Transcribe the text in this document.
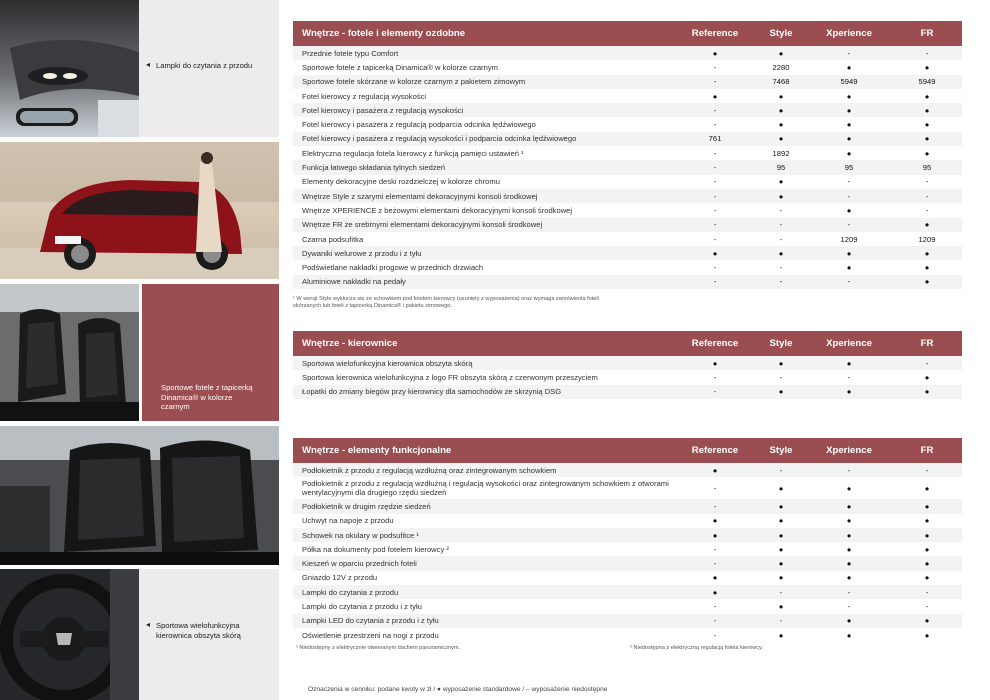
◂ Lampki do czytania z przodu
Sportowe fotele z tapicerką Dinamica® w kolorze czarnym
◂ Sportowa wielofunkcyjna kierownica obszyta skórą
Wnętrze - fotele i elementy ozdobne	Reference	Style	Xperience	FR
Przednie fotele typu Comfort	●	●	-	-
Sportowe fotele z tapicerką Dinamica® w kolorze czarnym	-	2280	●	●
Sportowe fotele skórzane w kolorze czarnym z pakietem zimowym	-	7468	5949	5949
Fotel kierowcy z regulacją wysokości	●	●	●	●
Fotel kierowcy i pasażera z regulacją wysokości	-	●	●	●
Fotel kierowcy i pasażera z regulacją podparcia odcinka lędźwiowego	-	●	●	●
Fotel kierowcy i pasażera z regulacją wysokości i podparcia odcinka lędźwiowego	761	●	●	●
Elektryczna regulacja fotela kierowcy z funkcją pamięci ustawień ¹	-	1892	●	●
Funkcja łatwego składania tylnych siedzeń	-	95	95	95
Elementy dekoracyjne deski rozdzielczej w kolorze chromu	-	●	-	-
Wnętrze Style z szarymi elementami dekoracyjnymi konsoli środkowej	-	●	-	-
Wnętrze XPERIENCE z beżowymi elementami dekoracyjnymi konsoli środkowej	-	-	●	-
Wnętrze FR ze srebrnymi elementami dekoracyjnymi konsoli środkowej	-	-	-	●
Czarna podsufitka	-	-	1209	1209
Dywaniki welurowe z przodu i z tyłu	●	●	●	●
Podświetlane nakładki progowe w przednich drzwiach	-	-	●	●
Aluminiowe nakładki na pedały	-	-	-	●
Wnętrze - kierownice	Reference	Style	Xperience	FR
Sportowa wielofunkcyjna kierownica obszyta skórą	●	●	●	-
Sportowa kierownica wielofunkcyjna z logo FR obszyta skórą z czerwonym przeszyciem	-	-	-	●
Łopatki do zmiany biegów przy kierownicy dla samochodów ze skrzynią DSG	-	●	●	●
Wnętrze - elementy funkcjonalne	Reference	Style	Xperience	FR
Podłokietnik z przodu z regulacją wzdłużną oraz zintegrowanym schowkiem	●	-	-	-
Podłokietnik z przodu z regulacją wzdłużną i regulacją wysokości oraz zintegrowanym schowkiem z otworami wentylacyjnymi dla drugiego rzędu siedzeń	-	●	●	●
Podłokietnik w drugim rzędzie siedzeń	-	●	●	●
Uchwyt na napoje z przodu	●	●	●	●
Schowek na okulary w podsufitce ¹	●	●	●	●
Półka na dokumenty pod fotelem kierowcy ²	-	●	●	●
Kieszeń w oparciu przednich foteli	-	●	●	●
Gniazdo 12V z przodu	●	●	●	●
Lampki do czytania z przodu	●	-	-	-
Lampki do czytania z przodu i z tyłu	-	●	-	-
Lampki LED do czytania z przodu i z tyłu	-	-	●	●
Oświetlenie przestrzeni na nogi z przodu	-	●	●	●
¹ W wersji Style wyklucza się ze schowkiem pod fotelem kierowcy (usunięty z wyposażenia) oraz wymaga zamówienia foteli skórzanych lub foteli z tapicerką Dinamica® i pakietu zimowego.
¹ Niedostępny z elektrycznie otwieranym dachem panoramicznym.	² Niedostępna z elektryczną regulacją fotela kierowcy.
Oznaczenia w cenniku: podane kwoty w zł / ● wyposażenie standardowe / – wyposażenie niedostępne
